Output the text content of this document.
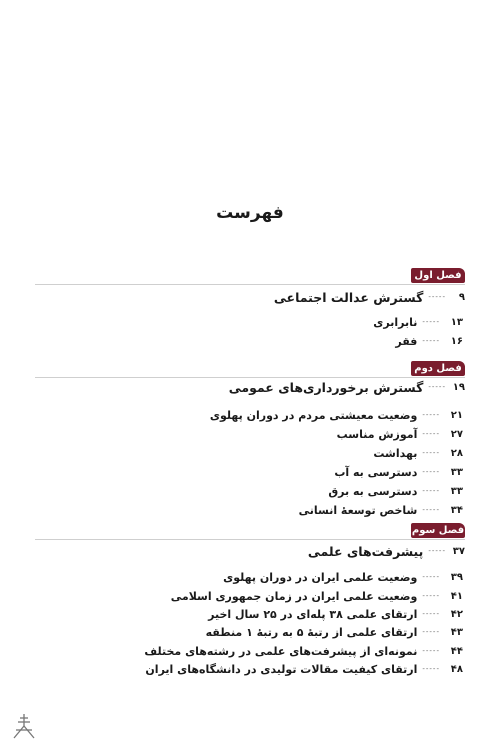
فهرست
فصل اول
۹
-----
گسترش عدالت اجتماعی
۱۳
-----
نابرابری
۱۶
-----
فقر
فصل دوم
۱۹
-----
گسترش برخورداری‌های عمومی
۲۱
-----
وضعیت معیشتی مردم در دوران پهلوی
۲۷
-----
آموزش مناسب
۲۸
-----
بهداشت
۳۳
-----
دسترسی به آب
۳۳
-----
دسترسی به برق
۳۴
-----
شاخص توسعهٔ انسانی
فصل سوم
۳۷
-----
پیشرفت‌های علمی
۳۹
-----
وضعیت علمی ایران در دوران پهلوی
۴۱
-----
وضعیت علمی ایران در زمان جمهوری اسلامی
۴۲
-----
ارتقای علمی ۳۸ پله‌ای در ۲۵ سال اخیر
۴۳
-----
ارتقای علمی از رتبهٔ ۵ به رتبهٔ ۱ منطقه
۴۴
-----
نمونه‌ای از پیشرفت‌های علمی در رشته‌های مختلف
۴۸
-----
ارتقای کیفیت مقالات تولیدی در دانشگاه‌های ایران
